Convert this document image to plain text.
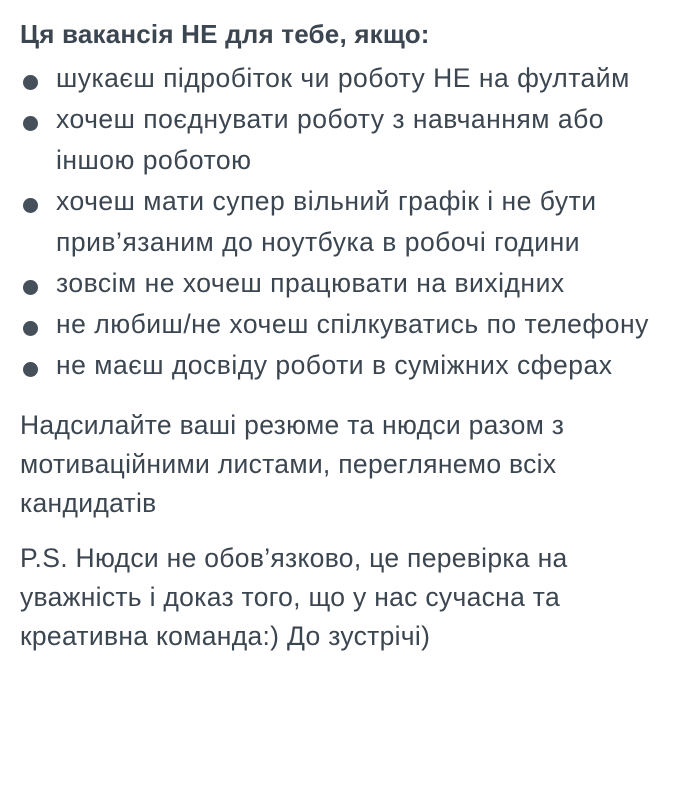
Ця вакансія НЕ для тебе, якщо:
шукаєш підробіток чи роботу НЕ на фултайм
хочеш поєднувати роботу з навчанням або іншою роботою
хочеш мати супер вільний графік і не бути прив’язаним до ноутбука в робочі години
зовсім не хочеш працювати на вихідних
не любиш/не хочеш спілкуватись по телефону
не маєш досвіду роботи в суміжних сферах

Надсилайте ваші резюме та нюдси разом з мотиваційними листами, переглянемо всіх кандидатів

P.S. Нюдси не обов’язково, це перевірка на уважність і доказ того, що у нас сучасна та креативна команда:) До зустрічі)
